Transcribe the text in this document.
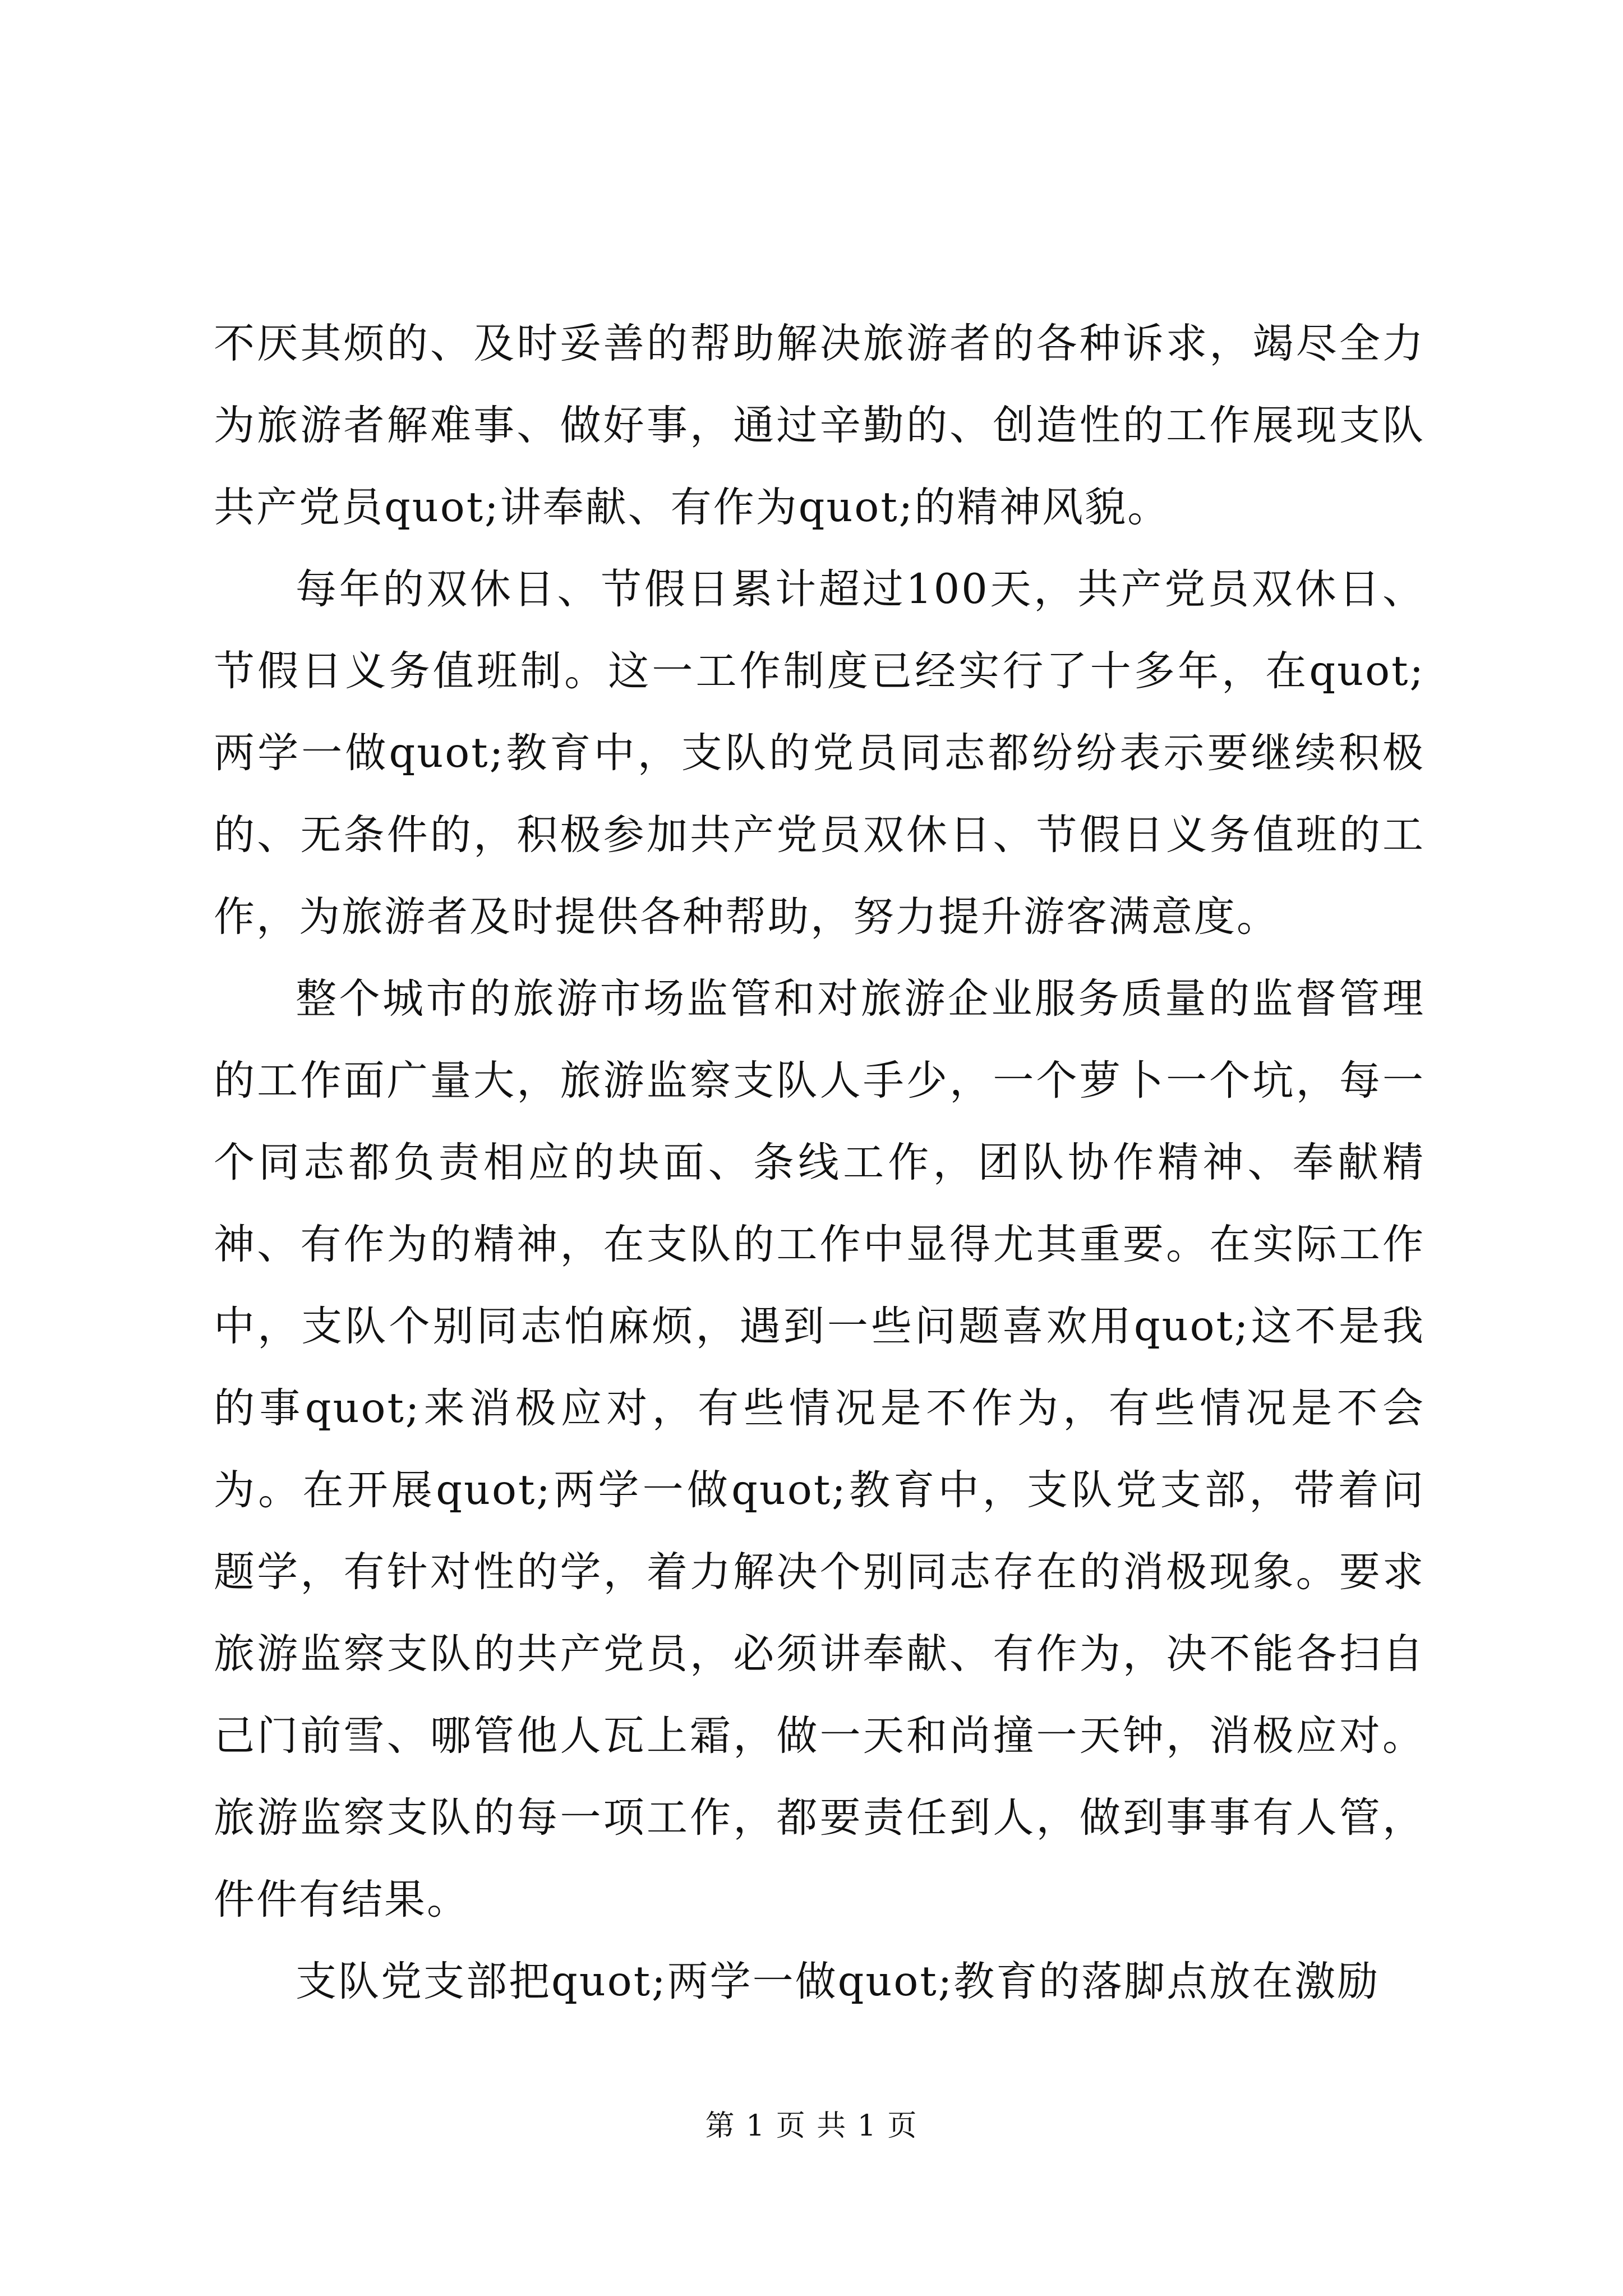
不厌其烦的、及时妥善的帮助解决旅游者的各种诉求，竭尽全力为旅游者解难事、做好事，通过辛勤的、创造性的工作展现支队共产党员quot;讲奉献、有作为quot;的精神风貌。

每年的双休日、节假日累计超过100天，共产党员双休日、节假日义务值班制。这一工作制度已经实行了十多年，在quot;两学一做quot;教育中，支队的党员同志都纷纷表示要继续积极的、无条件的，积极参加共产党员双休日、节假日义务值班的工作，为旅游者及时提供各种帮助，努力提升游客满意度。

整个城市的旅游市场监管和对旅游企业服务质量的监督管理的工作面广量大，旅游监察支队人手少，一个萝卜一个坑，每一个同志都负责相应的块面、条线工作，团队协作精神、奉献精神、有作为的精神，在支队的工作中显得尤其重要。在实际工作中，支队个别同志怕麻烦，遇到一些问题喜欢用quot;这不是我的事quot;来消极应对，有些情况是不作为，有些情况是不会为。在开展quot;两学一做quot;教育中，支队党支部，带着问题学，有针对性的学，着力解决个别同志存在的消极现象。要求旅游监察支队的共产党员，必须讲奉献、有作为，决不能各扫自己门前雪、哪管他人瓦上霜，做一天和尚撞一天钟，消极应对。旅游监察支队的每一项工作，都要责任到人，做到事事有人管，件件有结果。

支队党支部把quot;两学一做quot;教育的落脚点放在激励

第 1 页 共 1 页
